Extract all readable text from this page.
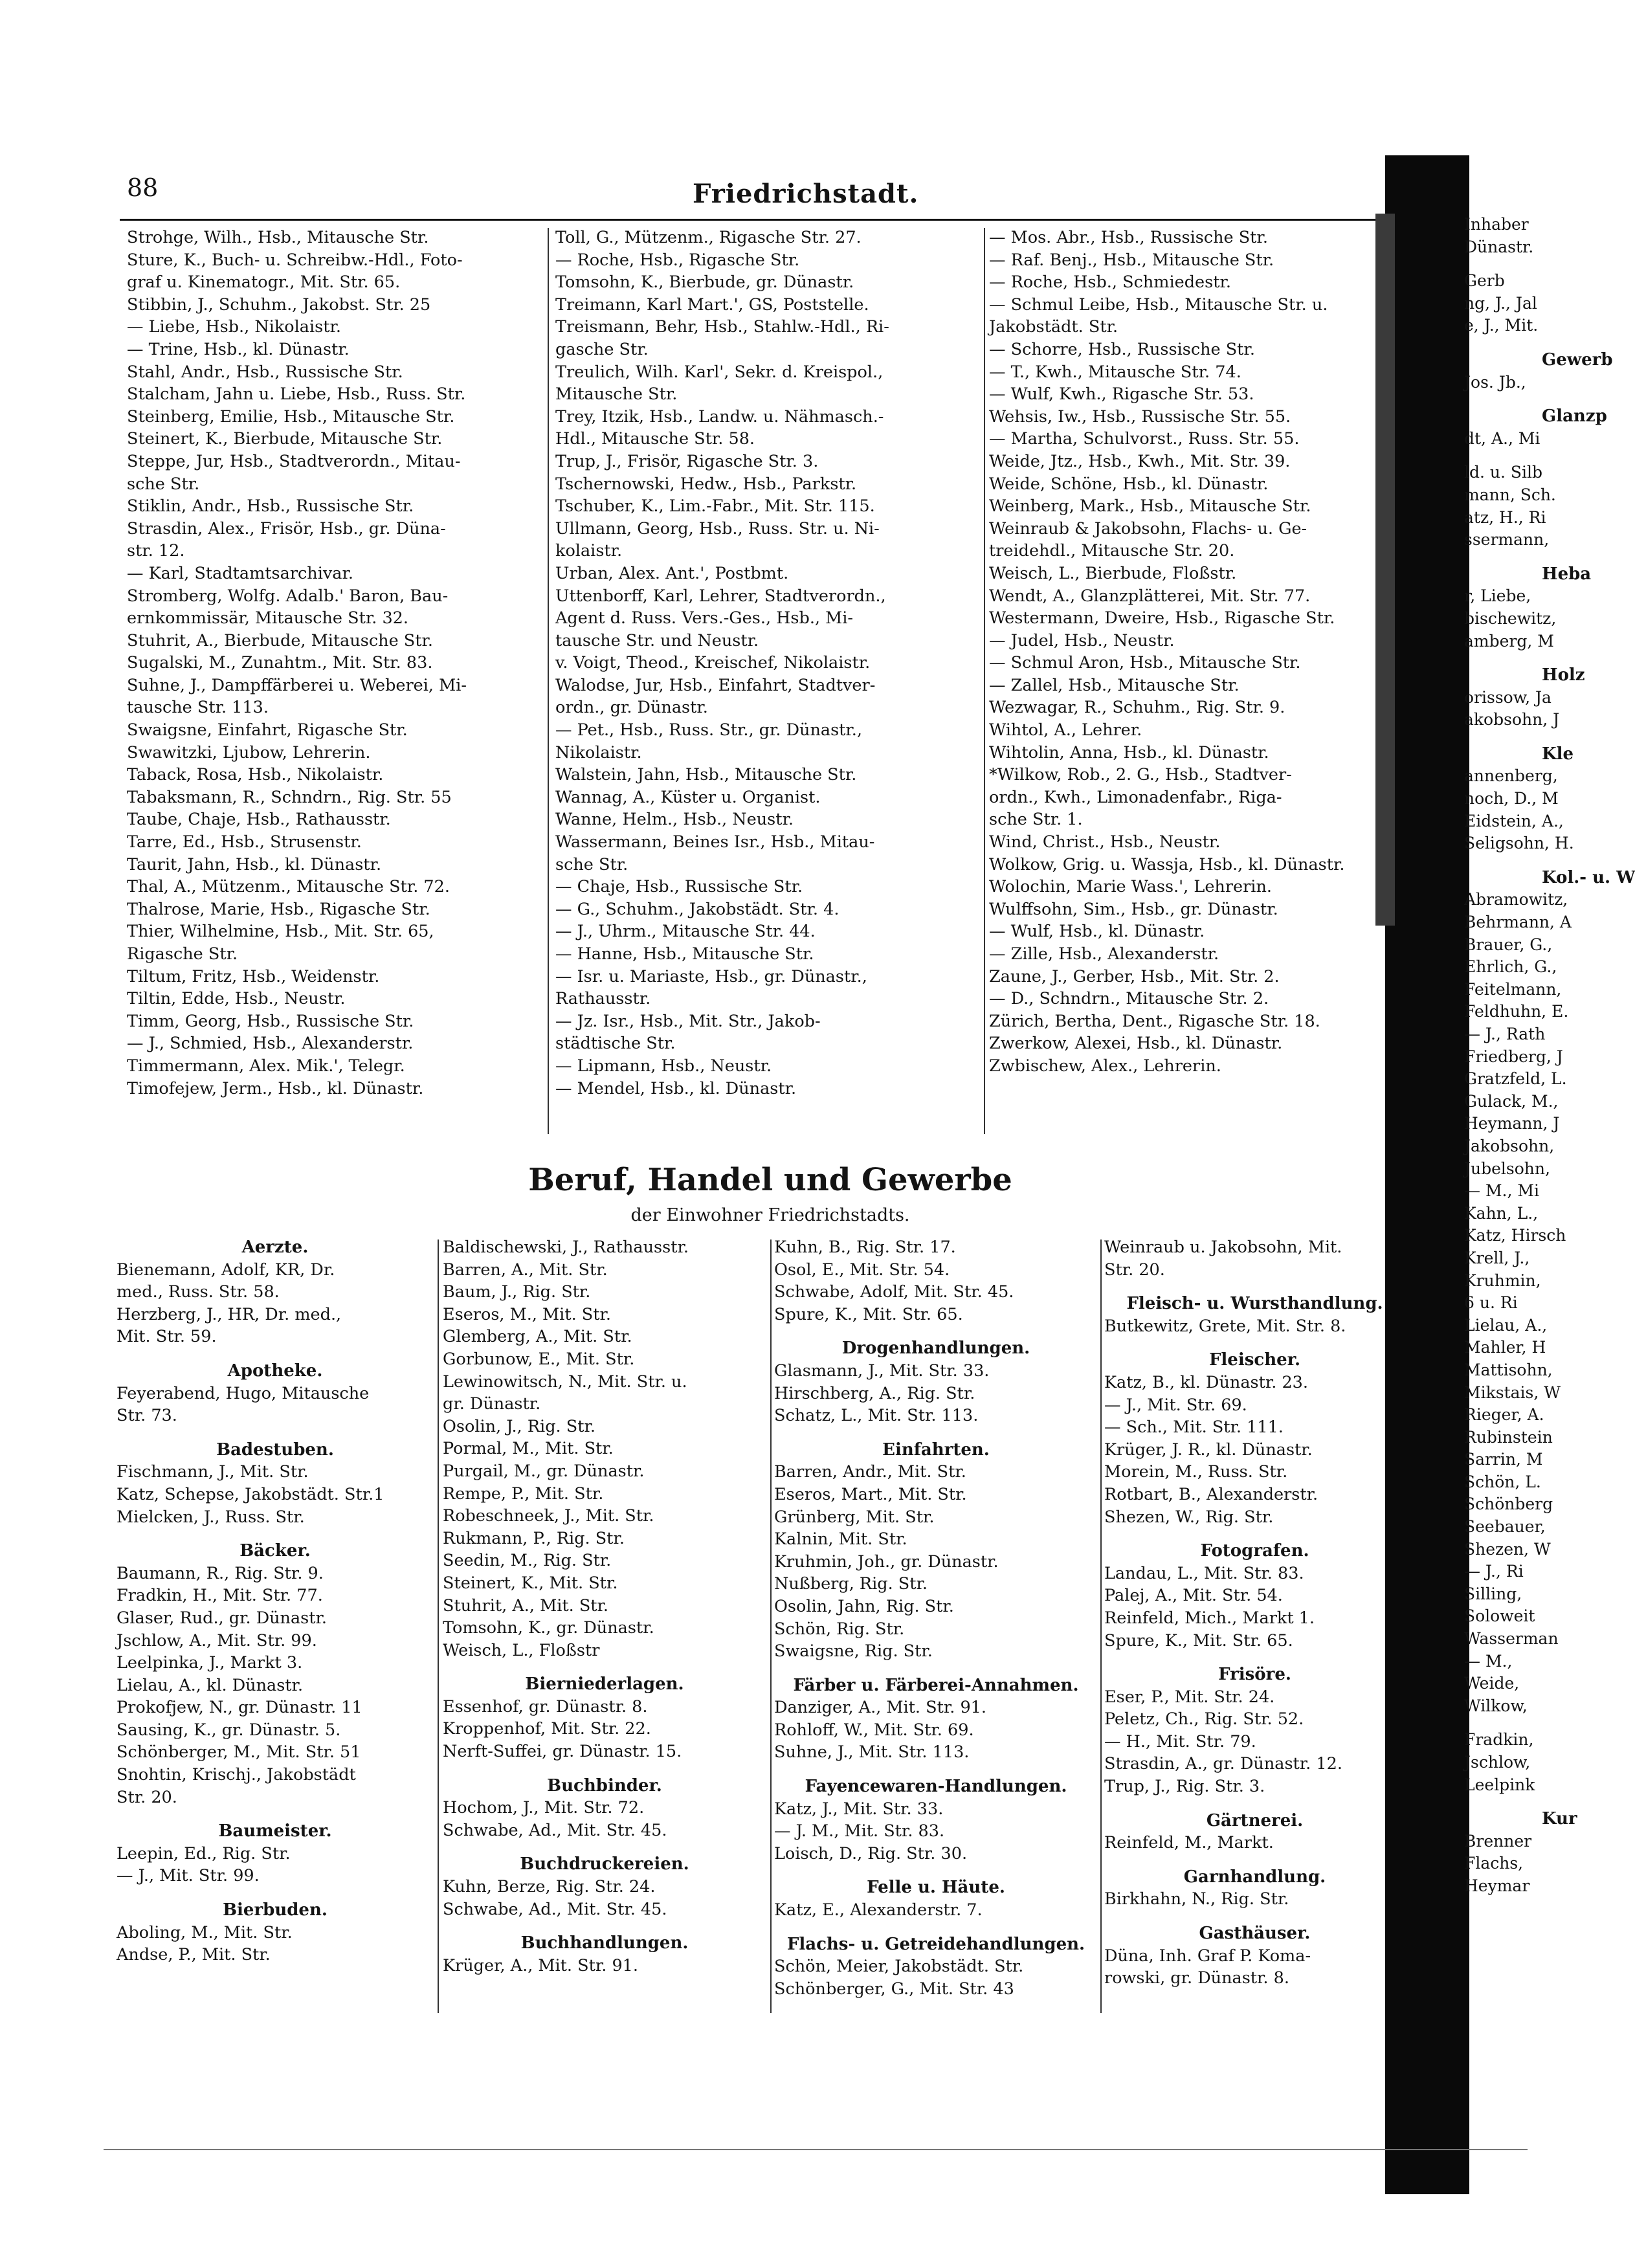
88	Friedrichstadt.
Strohge, Wilh., Hsb., Mitausche Str.
Sture, K., Buch- u. Schreibw.-Hdl., Foto-
graf u. Kinematogr., Mit. Str. 65.
Stibbin, J., Schuhm., Jakobst. Str. 25
— Liebe, Hsb., Nikolaistr.
— Trine, Hsb., kl. Dünastr.
Stahl, Andr., Hsb., Russische Str.
Stalcham, Jahn u. Liebe, Hsb., Russ. Str.
Steinberg, Emilie, Hsb., Mitausche Str.
Steinert, K., Bierbude, Mitausche Str.
Steppe, Jur, Hsb., Stadtverordn., Mitau-
sche Str.
Stiklin, Andr., Hsb., Russische Str.
Strasdin, Alex., Frisör, Hsb., gr. Düna-
str. 12.
— Karl, Stadtamtsarchivar.
Stromberg, Wolfg. Adalb.' Baron, Bau-
ernkommissär, Mitausche Str. 32.
Stuhrit, A., Bierbude, Mitausche Str.
Sugalski, M., Zunahtm., Mit. Str. 83.
Suhne, J., Dampffärberei u. Weberei, Mi-
tausche Str. 113.
Swaigsne, Einfahrt, Rigasche Str.
Swawitzki, Ljubow, Lehrerin.
Taback, Rosa, Hsb., Nikolaistr.
Tabaksmann, R., Schndrn., Rig. Str. 55
Taube, Chaje, Hsb., Rathausstr.
Tarre, Ed., Hsb., Strusenstr.
Taurit, Jahn, Hsb., kl. Dünastr.
Thal, A., Mützenm., Mitausche Str. 72.
Thalrose, Marie, Hsb., Rigasche Str.
Thier, Wilhelmine, Hsb., Mit. Str. 65,
Rigasche Str.
Tiltum, Fritz, Hsb., Weidenstr.
Tiltin, Edde, Hsb., Neustr.
Timm, Georg, Hsb., Russische Str.
— J., Schmied, Hsb., Alexanderstr.
Timmermann, Alex. Mik.', Telegr.
Timofejew, Jerm., Hsb., kl. Dünastr.
Toll, G., Mützenm., Rigasche Str. 27.
— Roche, Hsb., Rigasche Str.
Tomsohn, K., Bierbude, gr. Dünastr.
Treimann, Karl Mart.', GS, Poststelle.
Treismann, Behr, Hsb., Stahlw.-Hdl., Ri-
gasche Str.
Treulich, Wilh. Karl', Sekr. d. Kreispol.,
Mitausche Str.
Trey, Itzik, Hsb., Landw. u. Nähmasch.-
Hdl., Mitausche Str. 58.
Trup, J., Frisör, Rigasche Str. 3.
Tschernowski, Hedw., Hsb., Parkstr.
Tschuber, K., Lim.-Fabr., Mit. Str. 115.
Ullmann, Georg, Hsb., Russ. Str. u. Ni-
kolaistr.
Urban, Alex. Ant.', Postbmt.
Uttenborff, Karl, Lehrer, Stadtverordn.,
Agent d. Russ. Vers.-Ges., Hsb., Mi-
tausche Str. und Neustr.
v. Voigt, Theod., Kreischef, Nikolaistr.
Walodse, Jur, Hsb., Einfahrt, Stadtver-
ordn., gr. Dünastr.
— Pet., Hsb., Russ. Str., gr. Dünastr.,
Nikolaistr.
Walstein, Jahn, Hsb., Mitausche Str.
Wannag, A., Küster u. Organist.
Wanne, Helm., Hsb., Neustr.
Wassermann, Beines Isr., Hsb., Mitau-
sche Str.
— Chaje, Hsb., Russische Str.
— G., Schuhm., Jakobstädt. Str. 4.
— J., Uhrm., Mitausche Str. 44.
— Hanne, Hsb., Mitausche Str.
— Isr. u. Mariaste, Hsb., gr. Dünastr.,
Rathausstr.
— Jz. Isr., Hsb., Mit. Str., Jakob-
städtische Str.
— Lipmann, Hsb., Neustr.
— Mendel, Hsb., kl. Dünastr.
— Mos. Abr., Hsb., Russische Str.
— Raf. Benj., Hsb., Mitausche Str.
— Roche, Hsb., Schmiedestr.
— Schmul Leibe, Hsb., Mitausche Str. u.
Jakobstädt. Str.
— Schorre, Hsb., Russische Str.
— T., Kwh., Mitausche Str. 74.
— Wulf, Kwh., Rigasche Str. 53.
Wehsis, Iw., Hsb., Russische Str. 55.
— Martha, Schulvorst., Russ. Str. 55.
Weide, Jtz., Hsb., Kwh., Mit. Str. 39.
Weide, Schöne, Hsb., kl. Dünastr.
Weinberg, Mark., Hsb., Mitausche Str.
Weinraub & Jakobsohn, Flachs- u. Ge-
treidehdl., Mitausche Str. 20.
Weisch, L., Bierbude, Floßstr.
Wendt, A., Glanzplätterei, Mit. Str. 77.
Westermann, Dweire, Hsb., Rigasche Str.
— Judel, Hsb., Neustr.
— Schmul Aron, Hsb., Mitausche Str.
— Zallel, Hsb., Mitausche Str.
Wezwagar, R., Schuhm., Rig. Str. 9.
Wihtol, A., Lehrer.
Wihtolin, Anna, Hsb., kl. Dünastr.
*Wilkow, Rob., 2. G., Hsb., Stadtver-
ordn., Kwh., Limonadenfabr., Riga-
sche Str. 1.
Wind, Christ., Hsb., Neustr.
Wolkow, Grig. u. Wassja, Hsb., kl. Dünastr.
Wolochin, Marie Wass.', Lehrerin.
Wulffsohn, Sim., Hsb., gr. Dünastr.
— Wulf, Hsb., kl. Dünastr.
— Zille, Hsb., Alexanderstr.
Zaune, J., Gerber, Hsb., Mit. Str. 2.
— D., Schndrn., Mitausche Str. 2.
Zürich, Bertha, Dent., Rigasche Str. 18.
Zwerkow, Alexei, Hsb., kl. Dünastr.
Zwbischew, Alex., Lehrerin.
Beruf, Handel und Gewerbe
der Einwohner Friedrichstadts.
Aerzte.
Bienemann, Adolf, KR, Dr.
med., Russ. Str. 58.
Herzberg, J., HR, Dr. med.,
Mit. Str. 59.
Apotheke.
Feyerabend, Hugo, Mitausche
Str. 73.
Badestuben.
Fischmann, J., Mit. Str.
Katz, Schepse, Jakobstädt. Str.1
Mielcken, J., Russ. Str.
Bäcker.
Baumann, R., Rig. Str. 9.
Fradkin, H., Mit. Str. 77.
Glaser, Rud., gr. Dünastr.
Jschlow, A., Mit. Str. 99.
Leelpinka, J., Markt 3.
Lielau, A., kl. Dünastr.
Prokofjew, N., gr. Dünastr. 11
Sausing, K., gr. Dünastr. 5.
Schönberger, M., Mit. Str. 51
Snohtin, Krischj., Jakobstädt
Str. 20.
Baumeister.
Leepin, Ed., Rig. Str.
— J., Mit. Str. 99.
Bierbuden.
Aboling, M., Mit. Str.
Andse, P., Mit. Str.
Baldischewski, J., Rathausstr.
Barren, A., Mit. Str.
Baum, J., Rig. Str.
Eseros, M., Mit. Str.
Glemberg, A., Mit. Str.
Gorbunow, E., Mit. Str.
Lewinowitsch, N., Mit. Str. u.
gr. Dünastr.
Osolin, J., Rig. Str.
Pormal, M., Mit. Str.
Purgail, M., gr. Dünastr.
Rempe, P., Mit. Str.
Robeschneek, J., Mit. Str.
Rukmann, P., Rig. Str.
Seedin, M., Rig. Str.
Steinert, K., Mit. Str.
Stuhrit, A., Mit. Str.
Tomsohn, K., gr. Dünastr.
Weisch, L., Floßstr
Bierniederlagen.
Essenhof, gr. Dünastr. 8.
Kroppenhof, Mit. Str. 22.
Nerft-Suffei, gr. Dünastr. 15.
Buchbinder.
Hochom, J., Mit. Str. 72.
Schwabe, Ad., Mit. Str. 45.
Buchdruckereien.
Kuhn, Berze, Rig. Str. 24.
Schwabe, Ad., Mit. Str. 45.
Buchhandlungen.
Krüger, A., Mit. Str. 91.
Kuhn, B., Rig. Str. 17.
Osol, E., Mit. Str. 54.
Schwabe, Adolf, Mit. Str. 45.
Spure, K., Mit. Str. 65.
Drogenhandlungen.
Glasmann, J., Mit. Str. 33.
Hirschberg, A., Rig. Str.
Schatz, L., Mit. Str. 113.
Einfahrten.
Barren, Andr., Mit. Str.
Eseros, Mart., Mit. Str.
Grünberg, Mit. Str.
Kalnin, Mit. Str.
Kruhmin, Joh., gr. Dünastr.
Nußberg, Rig. Str.
Osolin, Jahn, Rig. Str.
Schön, Rig. Str.
Swaigsne, Rig. Str.
Färber u. Färberei-Annahmen.
Danziger, A., Mit. Str. 91.
Rohloff, W., Mit. Str. 69.
Suhne, J., Mit. Str. 113.
Fayencewaren-Handlungen.
Katz, J., Mit. Str. 33.
— J. M., Mit. Str. 83.
Loisch, D., Rig. Str. 30.
Felle u. Häute.
Katz, E., Alexanderstr. 7.
Flachs- u. Getreidehandlungen.
Schön, Meier, Jakobstädt. Str.
Schönberger, G., Mit. Str. 43
Weinraub u. Jakobsohn, Mit.
Str. 20.
Fleisch- u. Wursthandlung.
Butkewitz, Grete, Mit. Str. 8.
Fleischer.
Katz, B., kl. Dünastr. 23.
— J., Mit. Str. 69.
— Sch., Mit. Str. 111.
Krüger, J. R., kl. Dünastr.
Morein, M., Russ. Str.
Rotbart, B., Alexanderstr.
Shezen, W., Rig. Str.
Fotografen.
Landau, L., Mit. Str. 83.
Palej, A., Mit. Str. 54.
Reinfeld, Mich., Markt 1.
Spure, K., Mit. Str. 65.
Frisöre.
Eser, P., Mit. Str. 24.
Peletz, Ch., Rig. Str. 52.
— H., Mit. Str. 79.
Strasdin, A., gr. Dünastr. 12.
Trup, J., Rig. Str. 3.
Gärtnerei.
Reinfeld, M., Markt.
Garnhandlung.
Birkhahn, N., Rig. Str.
Gasthäuser.
Düna, Inh. Graf P. Koma-
rowski, gr. Dünastr. 8.
Inhaber
Dünastr.
Gerb
ng, J., Jal
e, J., Mit.
Gewerb
Jos. Jb.,
Glanzp
dt, A., Mi
ld. u. Silb
mann, Sch.
atz, H., Ri
ssermann,
Heba
r, Liebe,
bischewitz,
amberg, M
Holz
orissow, Ja
akobsohn, J
Kle
annenberg,
noch, D., M
Eidstein, A.,
Seligsohn, H.
Kol.- u. W
Abramowitz,
Behrmann, A
Brauer, G.,
Ehrlich, G.,
Feitelmann,
Feldhuhn, E.
— J., Rath
Friedberg, J
Gratzfeld, L.
Gulack, M.,
Heymann, J
Jakobsohn,
Jubelsohn,
— M., Mi
Kahn, L.,
Katz, Hirsch
Krell, J.,
Kruhmin,
6 u. Ri
Lielau, A.,
Mahler, H
Mattisohn,
Mikstais, W
Rieger, A.
Rubinstein
Sarrin, M
Schön, L.
Schönberg
Seebauer,
Shezen, W
— J., Ri
Silling,
Soloweit
Wasserman
— M.,
Weide,
Wilkow,
Fradkin,
Jschlow,
Leelpink
Kur
Brenner
Flachs,
Heymar
